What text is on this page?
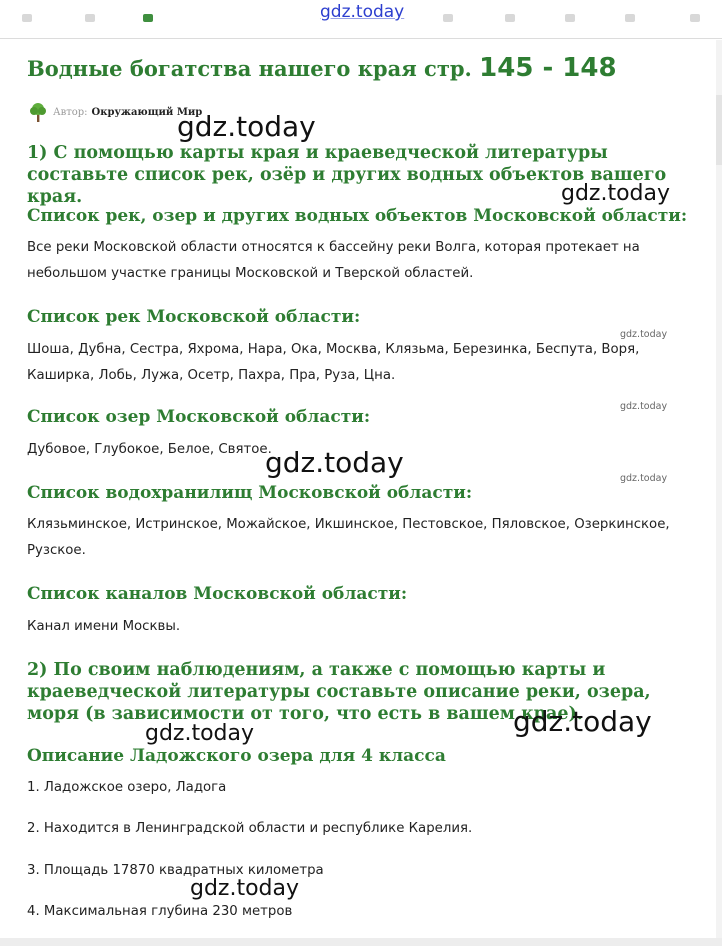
gdz.today
Водные богатства нашего края стр. 145 - 148
Автор: Окружающий Мир

1) С помощью карты края и краеведческой литературы составьте список рек, озёр и других водных объектов вашего края.

Список рек, озер и других водных объектов Московской области:

Все реки Московской области относятся к бассейну реки Волга, которая протекает на небольшом участке границы Московской и Тверской областей.

Список рек Московской области:

Шоша, Дубна, Сестра, Яхрома, Нара, Ока, Москва, Клязьма, Березинка, Беспута, Воря, Каширка, Лобь, Лужа, Осетр, Пахра, Пра, Руза, Цна.

Список озер Московской области:

Дубовое, Глубокое, Белое, Святое.

Список водохранилищ Московской области:

Клязьминское, Истринское, Можайское, Икшинское, Пестовское, Пяловское, Озеркинское, Рузское.

Список каналов Московской области:

Канал имени Москвы.

2) По своим наблюдениям, а также с помощью карты и краеведческой литературы составьте описание реки, озера, моря (в зависимости от того, что есть в вашем крае).

Описание Ладожского озера для 4 класса

1. Ладожское озеро, Ладога

2. Находится в Ленинградской области и республике Карелия.

3. Площадь 17870 квадратных километра

4. Максимальная глубина 230 метров

gdz.today
gdz.today
gdz.today
gdz.today
gdz.today	gdz.today
gdz.today
gdz.today
gdz.today
